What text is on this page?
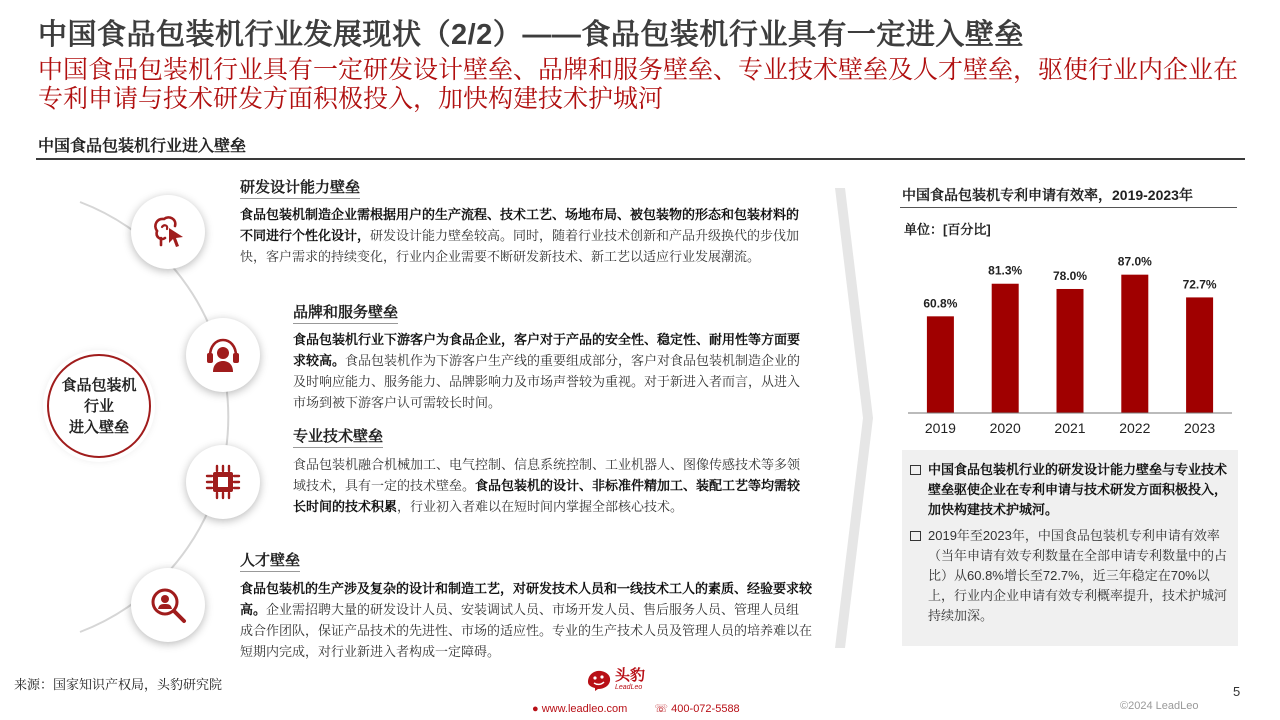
中国食品包装机行业发展现状（2/2）——食品包装机行业具有一定进入壁垒
中国食品包装机行业具有一定研发设计壁垒、品牌和服务壁垒、专业技术壁垒及人才壁垒，驱使行业内企业在专利申请与技术研发方面积极投入，加快构建技术护城河
中国食品包装机行业进入壁垒
食品包装机
行业
进入壁垒
研发设计能力壁垒
食品包装机制造企业需根据用户的生产流程、技术工艺、场地布局、被包装物的形态和包装材料的不同进行个性化设计，研发设计能力壁垒较高。同时，随着行业技术创新和产品升级换代的步伐加快，客户需求的持续变化，行业内企业需要不断研发新技术、新工艺以适应行业发展潮流。
品牌和服务壁垒
食品包装机行业下游客户为食品企业，客户对于产品的安全性、稳定性、耐用性等方面要求较高。食品包装机作为下游客户生产线的重要组成部分，客户对食品包装机制造企业的及时响应能力、服务能力、品牌影响力及市场声誉较为重视。对于新进入者而言，从进入市场到被下游客户认可需较长时间。
专业技术壁垒
食品包装机融合机械加工、电气控制、信息系统控制、工业机器人、图像传感技术等多领域技术，具有一定的技术壁垒。食品包装机的设计、非标准件精加工、装配工艺等均需较长时间的技术积累，行业初入者难以在短时间内掌握全部核心技术。
人才壁垒
食品包装机的生产涉及复杂的设计和制造工艺，对研发技术人员和一线技术工人的素质、经验要求较高。企业需招聘大量的研发设计人员、安装调试人员、市场开发人员、售后服务人员、管理人员组成合作团队，保证产品技术的先进性、市场的适应性。专业的生产技术人员及管理人员的培养难以在短期内完成，对行业新进入者构成一定障碍。
中国食品包装机专利申请有效率，2019-2023年
单位：[百分比]
60.8%
2019
81.3%
2020
78.0%
2021
87.0%
2022
72.7%
2023
中国食品包装机行业的研发设计能力壁垒与专业技术壁垒驱使企业在专利申请与技术研发方面积极投入，加快构建技术护城河。
2019年至2023年，中国食品包装机专利申请有效率（当年申请有效专利数量在全部申请专利数量中的占比）从60.8%增长至72.7%，近三年稳定在70%以上，行业内企业申请有效专利概率提升，技术护城河持续加深。
来源：国家知识产权局，头豹研究院
头豹
LeadLeo
● www.leadleo.com ☏ 400-072-5588
5
©2024 LeadLeo
